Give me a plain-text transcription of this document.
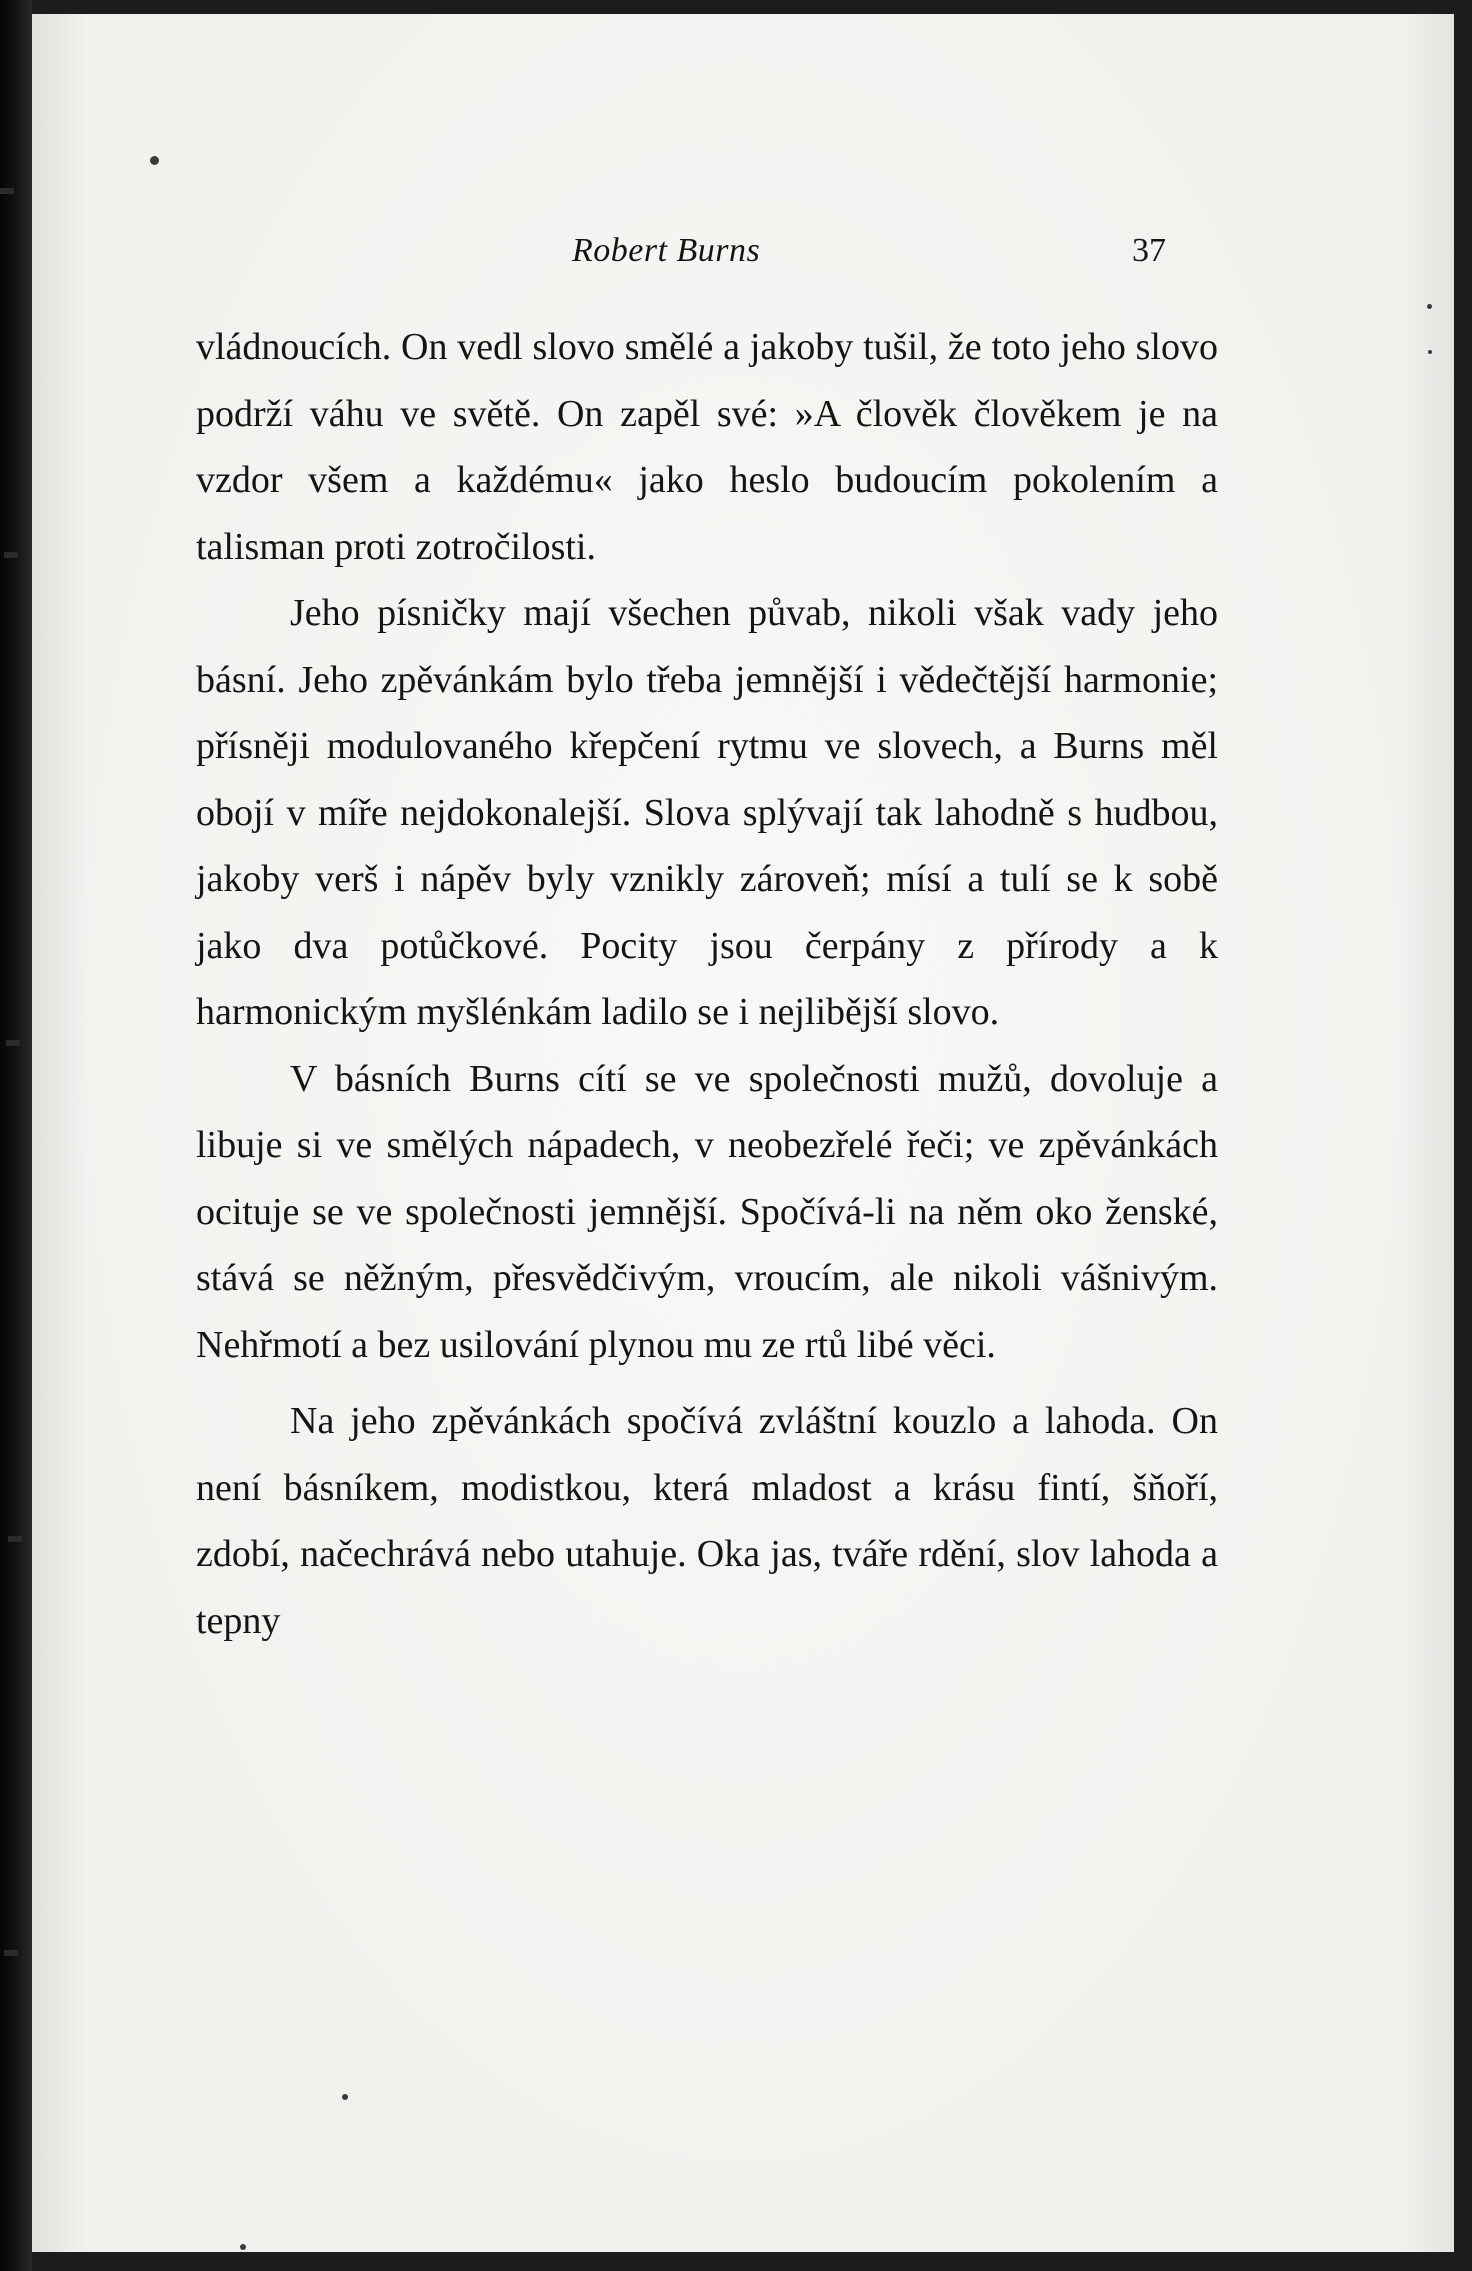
Robert Burns	37

vládnoucích. On vedl slovo smělé a jakoby tušil, že toto jeho slovo podrží váhu ve světě. On zapěl své: »A člověk člověkem je na vzdor všem a každému« jako heslo budoucím pokolením a talisman proti zotročilosti.

Jeho písničky mají všechen půvab, nikoli však vady jeho básní. Jeho zpěvánkám bylo třeba jemnější i vědečtější harmonie; přísněji modulovaného křepčení rytmu ve slovech, a Burns měl obojí v míře nejdokonalejší. Slova splývají tak lahodně s hudbou, jakoby verš i nápěv byly vznikly zároveň; mísí a tulí se k sobě jako dva potůčkové. Pocity jsou čerpány z přírody a k harmonickým myšlénkám ladilo se i nejlibější slovo.

V básních Burns cítí se ve společnosti mužů, dovoluje a libuje si ve smělých nápadech, v neobezřelé řeči; ve zpěvánkách ocituje se ve společnosti jemnější. Spočívá-li na něm oko ženské, stává se něžným, přesvědčivým, vroucím, ale nikoli vášnivým. Nehřmotí a bez usilování plynou mu ze rtů libé věci.

Na jeho zpěvánkách spočívá zvláštní kouzlo a lahoda. On není básníkem, modistkou, která mladost a krásu fintí, šňoří, zdobí, načechrává nebo utahuje. Oka jas, tváře rdění, slov lahoda a tepny
